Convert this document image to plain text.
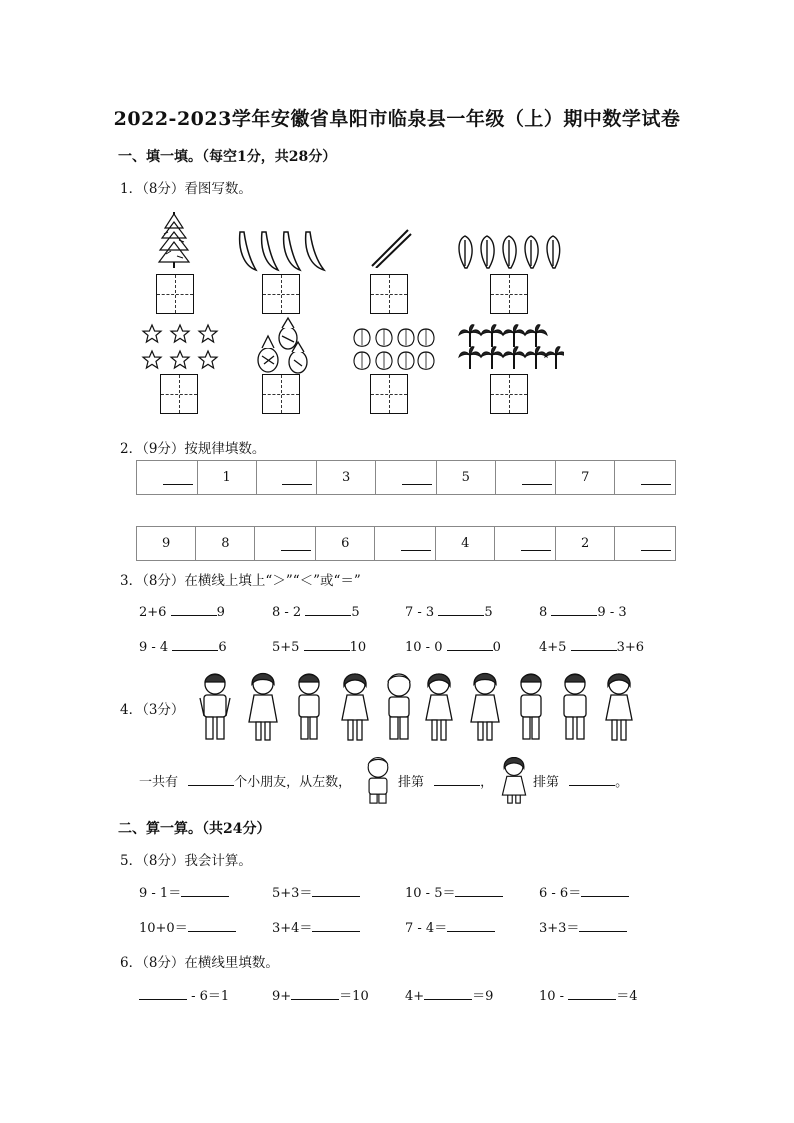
2022-2023学年安徽省阜阳市临泉县一年级（上）期中数学试卷
一、填一填。（每空1分，共28分）
1．（8分）看图写数。
2．（9分）按规律填数。
	1		3		5		7	
9	8		6		4		2	
3．（8分）在横线上填上“＞”“＜”或“＝”
2+6	9	8 - 2	5	7 - 3	5	8	9 - 3
9 - 4	6	5+5	10	10 - 0	0	4+5	3+6
4．（3分）
一共有	个小朋友，从左数，	排第	，	排第	。
二、算一算。（共24分）
5．（8分）我会计算。
9 - 1＝	5+3＝	10 - 5＝	6 - 6＝
10+0＝	3+4＝	7 - 4＝	3+3＝
6．（8分）在横线里填数。
- 6＝1	9+	＝10	4+	＝9	10 -	＝4
